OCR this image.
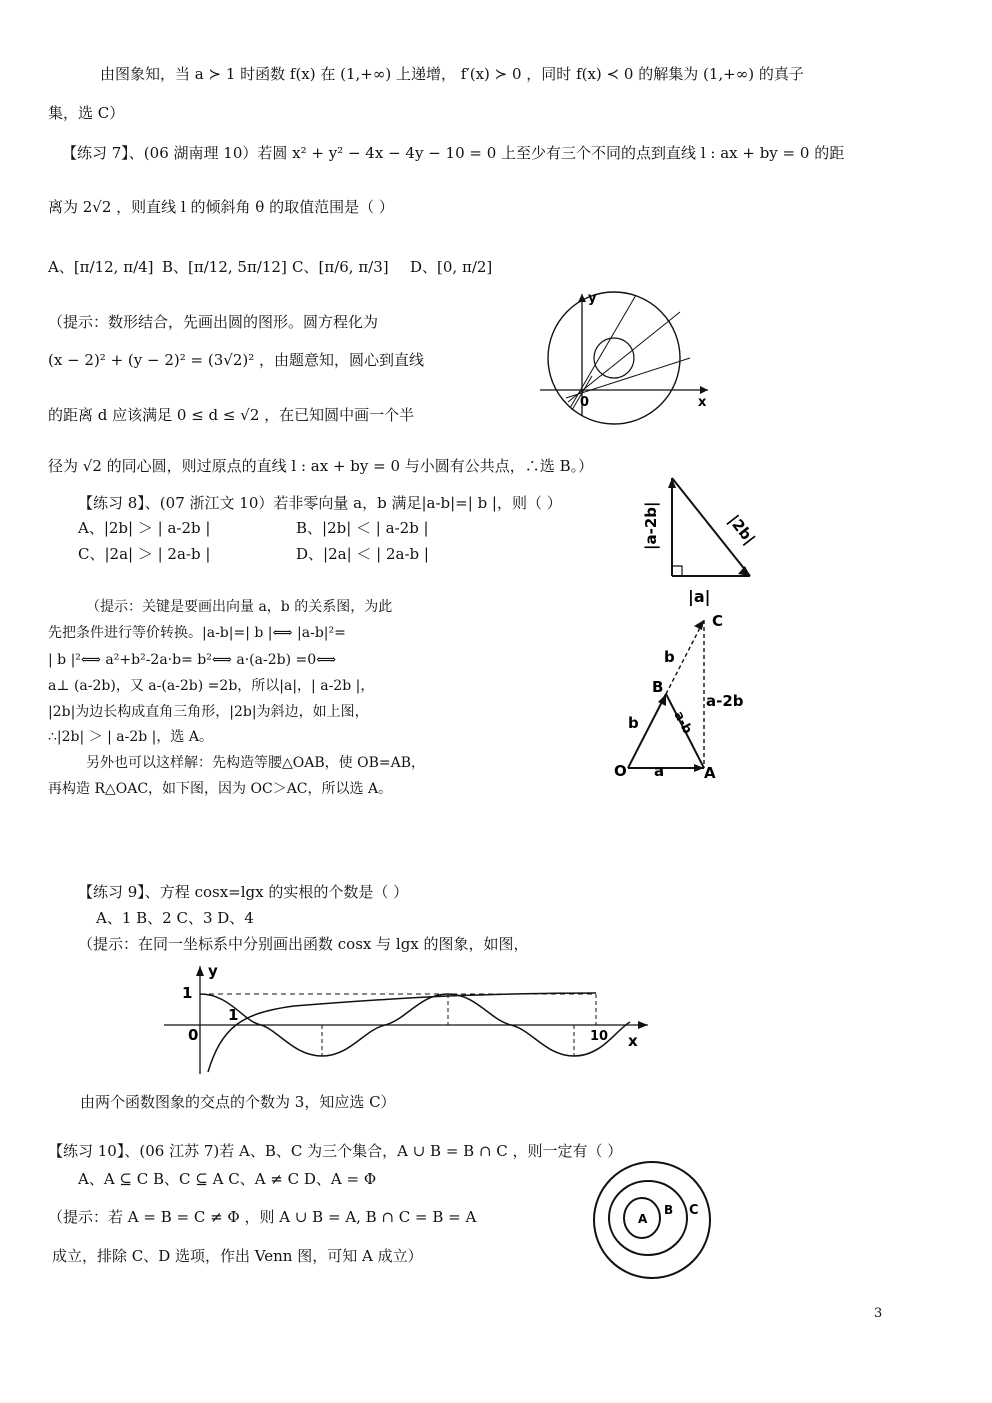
由图象知，当 a ≻ 1 时函数 f(x) 在 (1,+∞) 上递增， f′(x) ≻ 0 ，同时 f(x) ≺ 0 的解集为 (1,+∞) 的真子
集，选 C）
【练习 7】、(06 湖南理 10）若圆 x² + y² − 4x − 4y − 10 = 0 上至少有三个不同的点到直线 l : ax + by = 0 的距
离为 2√2 ，则直线 l 的倾斜角 θ 的取值范围是（ ）
A、[π/12, π/4] B、[π/12, 5π/12] C、[π/6, π/3] D、[0, π/2]
（提示：数形结合，先画出圆的图形。圆方程化为
(x − 2)² + (y − 2)² = (3√2)² ，由题意知，圆心到直线
的距离 d 应该满足 0 ≤ d ≤ √2 ，在已知圆中画一个半
径为 √2 的同心圆，则过原点的直线 l : ax + by = 0 与小圆有公共点，∴选 B。）
y
x
0
【练习 8】、(07 浙江文 10）若非零向量 a，b 满足|a-b|=| b |，则（ ）
A、|2b| ＞ | a-2b |	B、|2b| ＜ | a-2b |
C、|2a| ＞ | 2a-b |	D、|2a| ＜ | 2a-b |
（提示：关键是要画出向量 a，b 的关系图，为此
先把条件进行等价转换。|a-b|=| b |⟺ |a-b|²=
| b |²⟺ a²+b²-2a·b= b²⟺ a·(a-2b) =0⟺
a⊥ (a-2b)，又 a-(a-2b) =2b，所以|a|，| a-2b |，
|2b|为边长构成直角三角形，|2b|为斜边，如上图，
∴|2b| ＞ | a-2b |，选 A。
另外也可以这样解：先构造等腰△OAB，使 OB=AB，
再构造 R△OAC，如下图，因为 OC＞AC，所以选 A。
|a-2b|	|2b|
|a|
C
b
a-2b
B
b a-b
O a	A
【练习 9】、方程 cosx=lgx 的实根的个数是（ ）
A、1 B、2 C、3 D、4
（提示：在同一坐标系中分别画出函数 cosx 与 lgx 的图象，如图，
y
1
1
0	10 x
由两个函数图象的交点的个数为 3，知应选 C）
【练习 10】、(06 江苏 7)若 A、B、C 为三个集合，A ∪ B = B ∩ C ，则一定有（ ）
A、A ⊆ C B、C ⊆ A C、A ≠ C D、A = Φ
（提示：若 A = B = C ≠ Φ ，则 A ∪ B = A, B ∩ C = B = A
成立，排除 C、D 选项，作出 Venn 图，可知 A 成立）
A
B C
3
